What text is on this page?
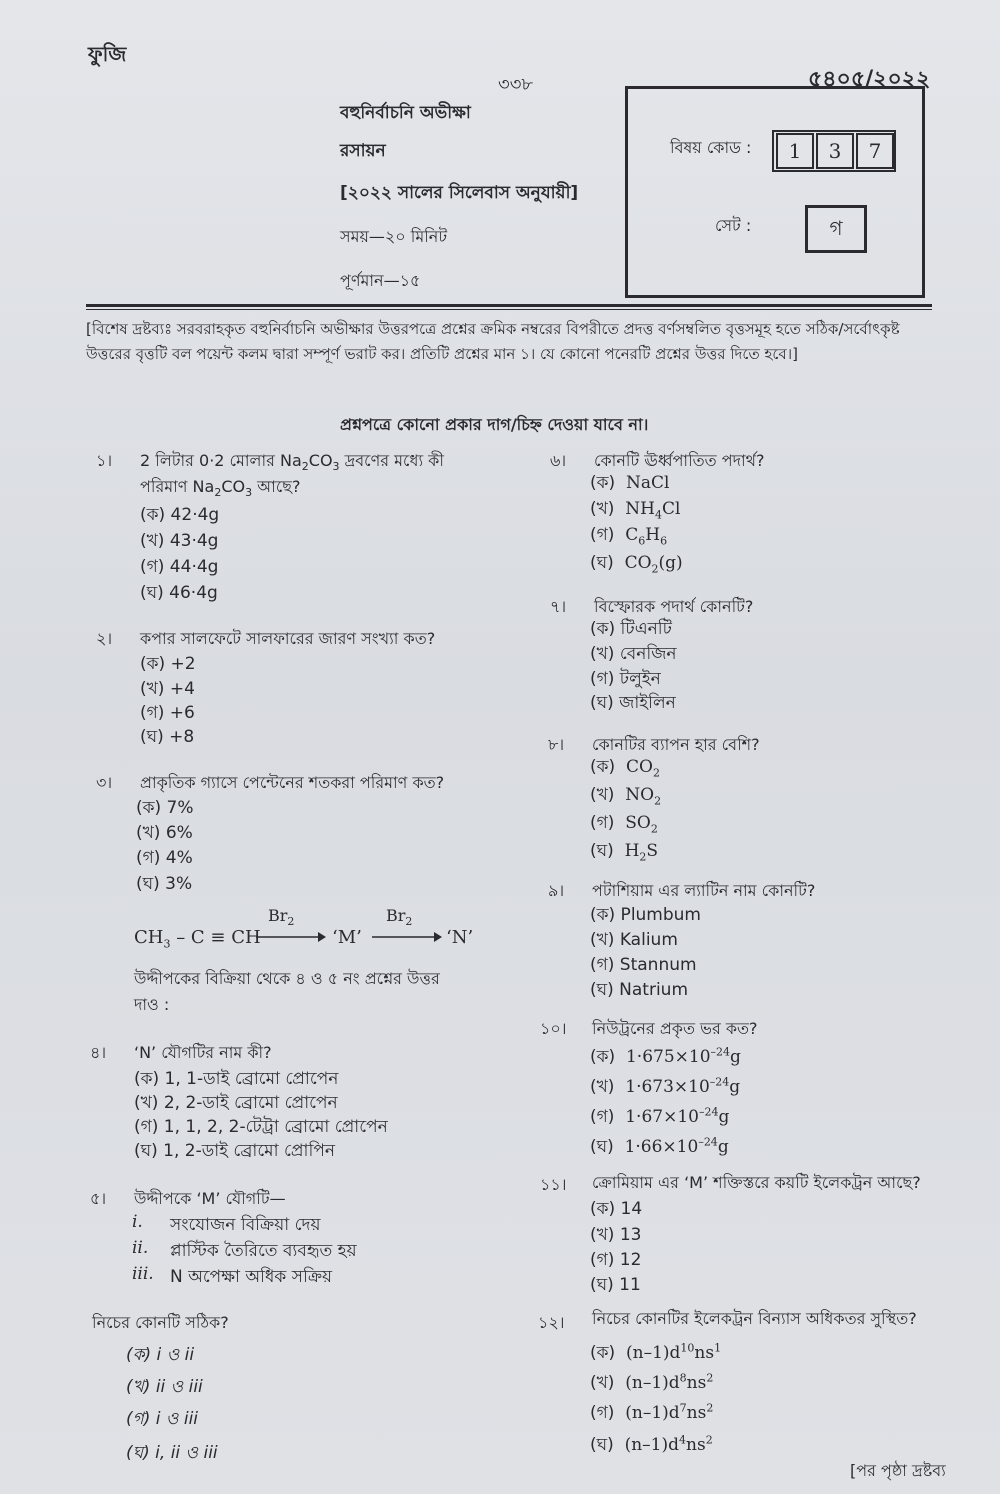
ফুজি
৩৩৮	৫৪০৫/২০২২
বহুনির্বাচনি অভীক্ষা
রসায়ন
[২০২২ সালের সিলেবাস অনুযায়ী]
সময়—২০ মিনিট
পূর্ণমান—১৫
বিষয় কোড :	1	3	7
সেট :	গ
[বিশেষ দ্রষ্টব্যঃ সরবরাহকৃত বহুনির্বাচনি অভীক্ষার উত্তরপত্রে প্রশ্নের ক্রমিক নম্বরের বিপরীতে প্রদত্ত বর্ণসম্বলিত বৃত্তসমূহ হতে সঠিক/সর্বোৎকৃষ্ট উত্তরের বৃত্তটি বল পয়েন্ট কলম দ্বারা সম্পূর্ণ ভরাট কর। প্রতিটি প্রশ্নের মান ১। যে কোনো পনেরটি প্রশ্নের উত্তর দিতে হবে।]
প্রশ্নপত্রে কোনো প্রকার দাগ/চিহ্ন দেওয়া যাবে না।
১। 2 লিটার 0·2 মোলার $Na_2CO_3$ দ্রবণের মধ্যে কী
পরিমাণ $Na_2CO_3$ আছে?
(ক) 42·4g
(খ) 43·4g
(গ) 44·4g
(ঘ) 46·4g
২। কপার সালফেটে সালফারের জারণ সংখ্যা কত?
(ক) +2
(খ) +4
(গ) +6
(ঘ) +8
৩। প্রাকৃতিক গ্যাসে পেন্টেনের শতকরা পরিমাণ কত?
(ক) 7%
(খ) 6%
(গ) 4%
(ঘ) 3%
$CH_3$ – C ≡ CH
$Br_2$
‘M’
$Br_2$
‘N’
উদ্দীপকের বিক্রিয়া থেকে ৪ ও ৫ নং প্রশ্নের উত্তর
দাও :
৪। ‘N’ যৌগটির নাম কী?
(ক) 1, 1-ডাই ব্রোমো প্রোপেন
(খ) 2, 2-ডাই ব্রোমো প্রোপেন
(গ) 1, 1, 2, 2-টেট্রা ব্রোমো প্রোপেন
(ঘ) 1, 2-ডাই ব্রোমো প্রোপিন
৫। উদ্দীপকে ‘M’ যৌগটি—
i. সংযোজন বিক্রিয়া দেয়
ii. প্লাস্টিক তৈরিতে ব্যবহৃত হয়
iii. N অপেক্ষা অধিক সক্রিয়
নিচের কোনটি সঠিক?
(ক) i ও ii
(খ) ii ও iii
(গ) i ও iii
(ঘ) i, ii ও iii
৬। কোনটি ঊর্ধ্বপাতিত পদার্থ?
(ক) NaCl
(খ) $NH_4Cl$
(গ) $C_6H_6$
(ঘ) $CO_2(g)$
৭। বিস্ফোরক পদার্থ কোনটি?
(ক) টিএনটি
(খ) বেনজিন
(গ) টলুইন
(ঘ) জাইলিন
৮। কোনটির ব্যাপন হার বেশি?
(ক) $CO_2$
(খ) $NO_2$
(গ) $SO_2$
(ঘ) $H_2S$
৯। পটাশিয়াম এর ল্যাটিন নাম কোনটি?
(ক) Plumbum
(খ) Kalium
(গ) Stannum
(ঘ) Natrium
১০। নিউট্রনের প্রকৃত ভর কত?
(ক) $1\cdot 675\times 10^{-24}g$
(খ) $1\cdot 673\times 10^{-24}g$
(গ) $1\cdot 67\times 10^{-24}g$
(ঘ) $1\cdot 66\times 10^{-24}g$
১১। ক্রোমিয়াম এর ‘M’ শক্তিস্তরে কয়টি ইলেকট্রন আছে?
(ক) 14
(খ) 13
(গ) 12
(ঘ) 11
১২। নিচের কোনটির ইলেকট্রন বিন্যাস অধিকতর সুস্থিত?
(ক) $(n-1)d^{10}ns^1$
(খ) $(n-1)d^8ns^2$
(গ) $(n-1)d^7ns^2$
(ঘ) $(n-1)d^4ns^2$
[পর পৃষ্ঠা দ্রষ্টব্য
